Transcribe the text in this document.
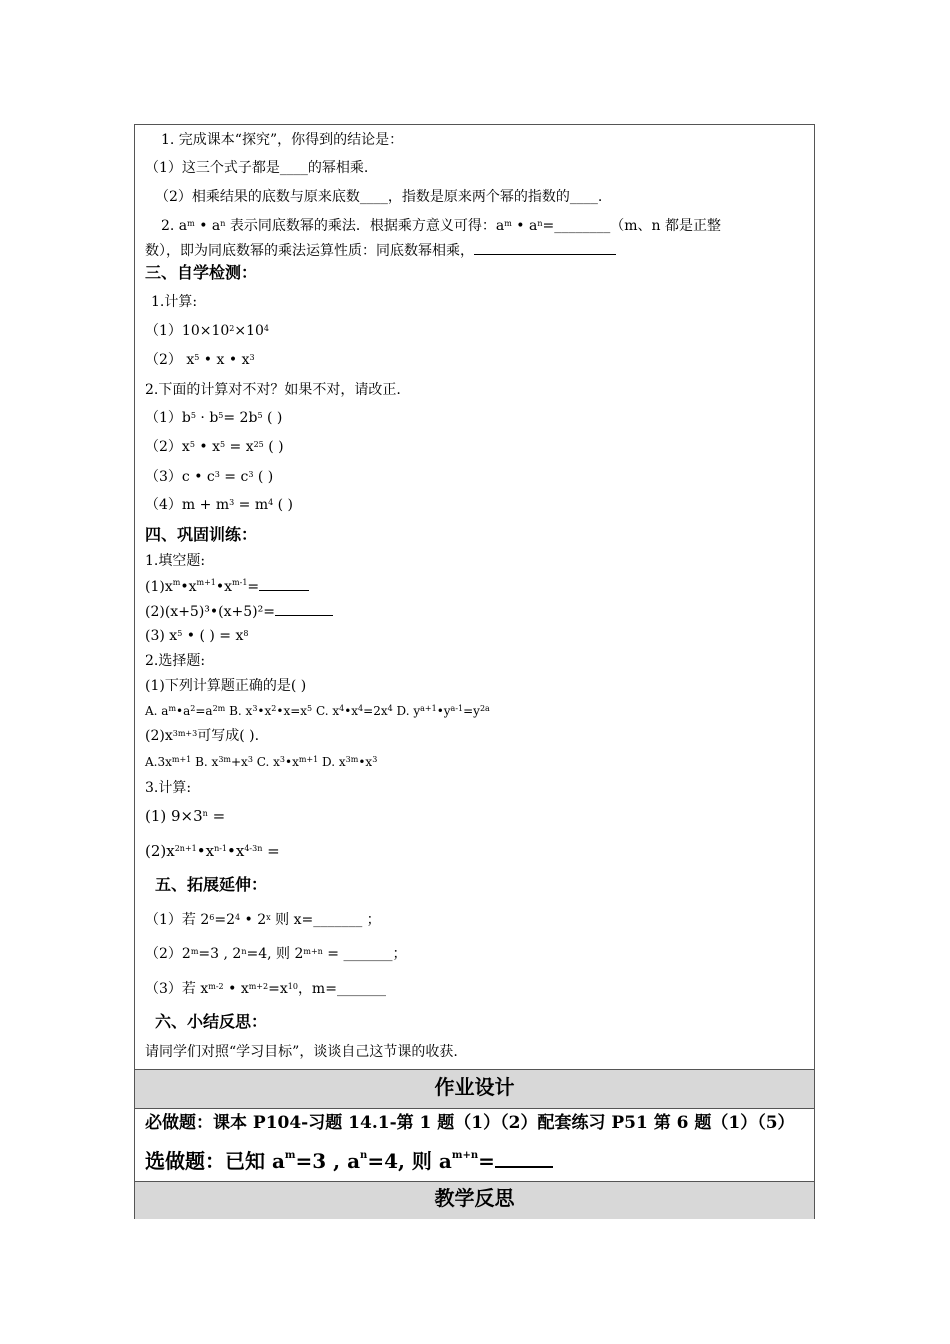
1. 完成课本“探究”，你得到的结论是：
（1）这三个式子都是____的幂相乘.
（2）相乘结果的底数与原来底数____，指数是原来两个幂的指数的____.
2. $a^m$ • $a^n$ 表示同底数幂的乘法．根据乘方意义可得：$a^m$ • $a^n=\_\_\_\_\_\_\_\_(m$、n 都是正整
数），即为同底数幂的乘法运算性质：同底数幂相乘，
三、自学检测：
1.计算:
$(1)10\times 10^2\times 10^4$
（2） $x^5$ • x • $x^3$
2.下面的计算对不对？如果不对，请改正.
$(1)b^5 \cdot b^5= 2b^5$ ( )
$(2)x^5$ • $x^5 = x^{25}$ ( )
（3）c • $c^3 = c^3$ ( )
$(4)m + m^3 = m^4$ ( )
四、巩固训练：
1.填空题:
$(1)x^m•x^{m+1}•x^{m-1}=$
(2)(x+5)³•(x+5)²=
(3) $x^5$ • ( ) = $x^8$
2.选择题:
(1)下列计算题正确的是( )
A. $a^m•a^2=a^{2m}$ B. $x^3•x^2•x=x^5$ C. $x^4•x^4=2x^4$ D. $y^{a+1}•y^{a-1}=y^{2a}$
$(2)x^{3m+3}$可写成( ).
$A.3x^{m+1}$ B. $x^{3m}+x^3$ C. $x^3•x^{m+1}$ D. $x^{3m}•x^3$
3.计算:
(1) $9\times 3^n$ =
$(2)x^{2n+1}•x^{n-1}•x^{4-3n}$ =
五、拓展延伸：
（1）若 $2^6=2^4$ • 2$^x$ 则 x=_______ ；
$(2)2^m=3$ , $2^n=4$, 则 $2^{m+n}$ = _______；
（3）若 $x^{m-2}$ • $x^{m+2}=x^{10}$，m=_______
六、小结反思：
请同学们对照“学习目标”，谈谈自己这节课的收获.
作业设计
必做题：课本 P104-习题 14.1-第 1 题（1）（2）配套练习 P51 第 6 题（1）（5）
选做题：已知 $a^m=3$ , $a^n=4$, 则 $a^{m+n}=$
教学反思
